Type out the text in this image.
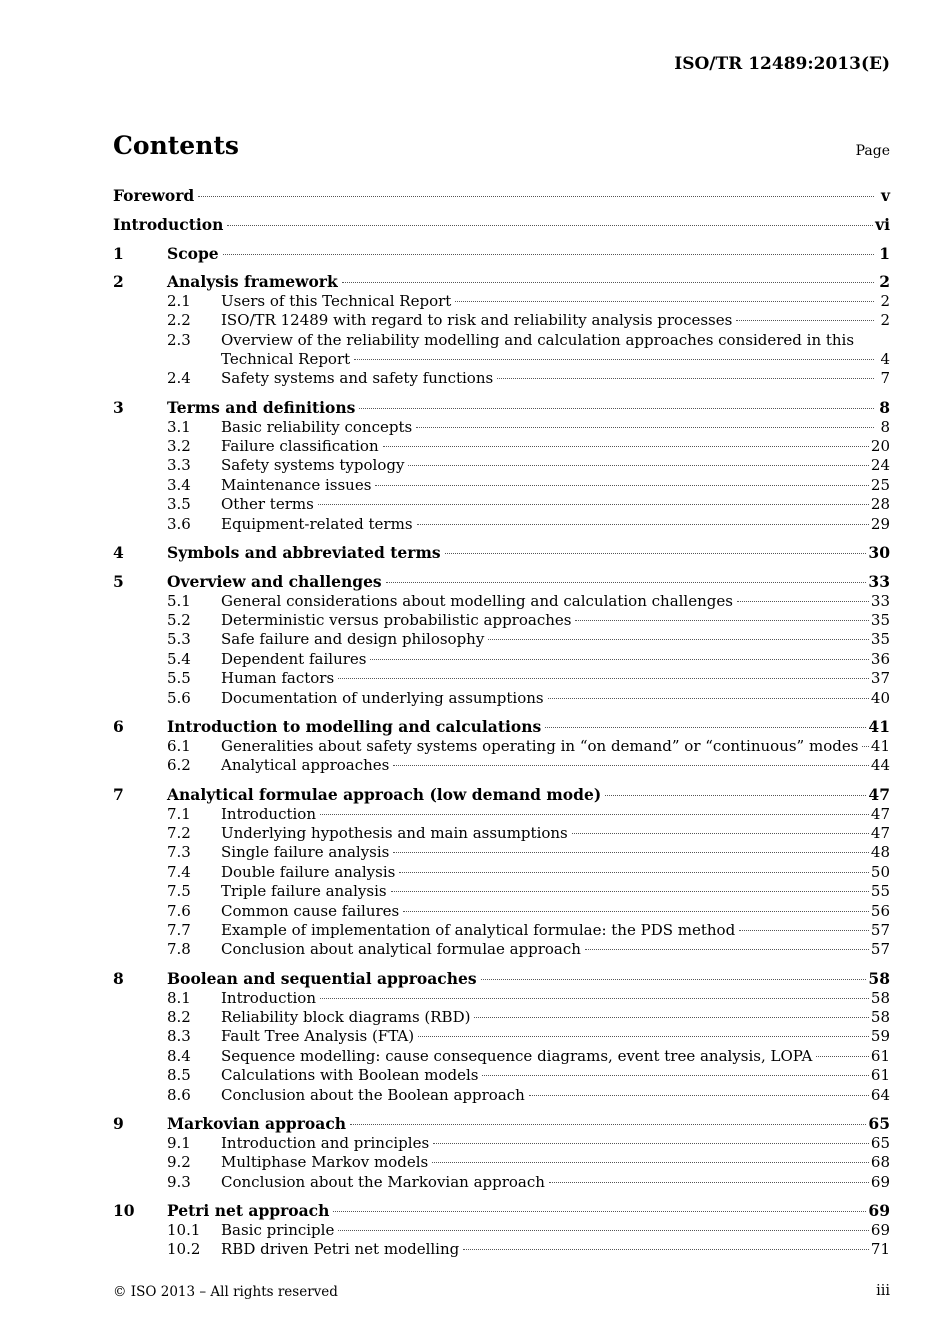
ISO/TR 12489:2013(E)
Contents	Page
Foreword	v
Introduction	vi
1	Scope	1
2	Analysis framework	2
2.1	Users of this Technical Report	2
2.2	ISO/TR 12489 with regard to risk and reliability analysis processes	2
2.3	Overview of the reliability modelling and calculation approaches considered in this
Technical Report	4
2.4	Safety systems and safety functions	7
3	Terms and definitions	8
3.1	Basic reliability concepts	8
3.2	Failure classification	20
3.3	Safety systems typology	24
3.4	Maintenance issues	25
3.5	Other terms	28
3.6	Equipment-related terms	29
4	Symbols and abbreviated terms	30
5	Overview and challenges	33
5.1	General considerations about modelling and calculation challenges	33
5.2	Deterministic versus probabilistic approaches	35
5.3	Safe failure and design philosophy	35
5.4	Dependent failures	36
5.5	Human factors	37
5.6	Documentation of underlying assumptions	40
6	Introduction to modelling and calculations	41
6.1	Generalities about safety systems operating in “on demand” or “continuous” modes 41
6.2	Analytical approaches	44
7	Analytical formulae approach (low demand mode)	47
7.1	Introduction	47
7.2	Underlying hypothesis and main assumptions	47
7.3	Single failure analysis	48
7.4	Double failure analysis	50
7.5	Triple failure analysis	55
7.6	Common cause failures	56
7.7	Example of implementation of analytical formulae: the PDS method	57
7.8	Conclusion about analytical formulae approach	57
8	Boolean and sequential approaches	58
8.1	Introduction	58
8.2	Reliability block diagrams (RBD)	58
8.3	Fault Tree Analysis (FTA)	59
8.4	Sequence modelling: cause consequence diagrams, event tree analysis, LOPA	61
8.5	Calculations with Boolean models	61
8.6	Conclusion about the Boolean approach	64
9	Markovian approach	65
9.1	Introduction and principles	65
9.2	Multiphase Markov models	68
9.3	Conclusion about the Markovian approach	69
10	Petri net approach	69
10.1	Basic principle	69
10.2	RBD driven Petri net modelling	71
© ISO 2013 – All rights reserved	iii
